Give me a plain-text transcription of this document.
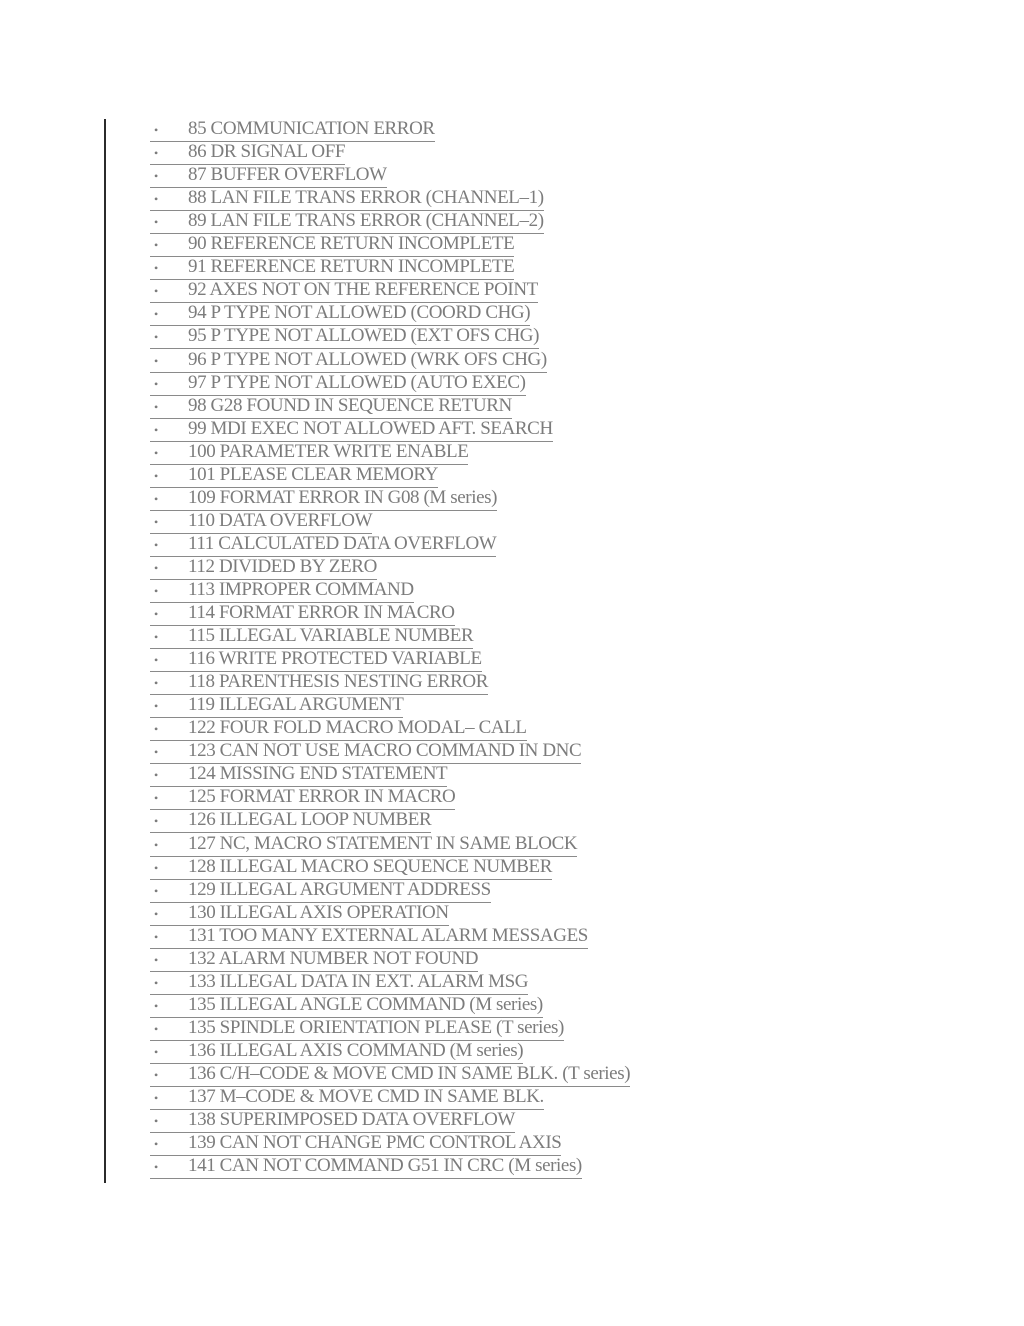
•	85 COMMUNICATION ERROR
•	86 DR SIGNAL OFF
•	87 BUFFER OVERFLOW
•	88 LAN FILE TRANS ERROR (CHANNEL–1)
•	89 LAN FILE TRANS ERROR (CHANNEL–2)
•	90 REFERENCE RETURN INCOMPLETE
•	91 REFERENCE RETURN INCOMPLETE
•	92 AXES NOT ON THE REFERENCE POINT
•	94 P TYPE NOT ALLOWED (COORD CHG)
•	95 P TYPE NOT ALLOWED (EXT OFS CHG)
•	96 P TYPE NOT ALLOWED (WRK OFS CHG)
•	97 P TYPE NOT ALLOWED (AUTO EXEC)
•	98 G28 FOUND IN SEQUENCE RETURN
•	99 MDI EXEC NOT ALLOWED AFT. SEARCH
•	100 PARAMETER WRITE ENABLE
•	101 PLEASE CLEAR MEMORY
•	109 FORMAT ERROR IN G08 (M series)
•	110 DATA OVERFLOW
•	111 CALCULATED DATA OVERFLOW
•	112 DIVIDED BY ZERO
•	113 IMPROPER COMMAND
•	114 FORMAT ERROR IN MACRO
•	115 ILLEGAL VARIABLE NUMBER
•	116 WRITE PROTECTED VARIABLE
•	118 PARENTHESIS NESTING ERROR
•	119 ILLEGAL ARGUMENT
•	122 FOUR FOLD MACRO MODAL– CALL
•	123 CAN NOT USE MACRO COMMAND IN DNC
•	124 MISSING END STATEMENT
•	125 FORMAT ERROR IN MACRO
•	126 ILLEGAL LOOP NUMBER
•	127 NC, MACRO STATEMENT IN SAME BLOCK
•	128 ILLEGAL MACRO SEQUENCE NUMBER
•	129 ILLEGAL ARGUMENT ADDRESS
•	130 ILLEGAL AXIS OPERATION
•	131 TOO MANY EXTERNAL ALARM MESSAGES
•	132 ALARM NUMBER NOT FOUND
•	133 ILLEGAL DATA IN EXT. ALARM MSG
•	135 ILLEGAL ANGLE COMMAND (M series)
•	135 SPINDLE ORIENTATION PLEASE (T series)
•	136 ILLEGAL AXIS COMMAND (M series)
•	136 C/H–CODE & MOVE CMD IN SAME BLK. (T series)
•	137 M–CODE & MOVE CMD IN SAME BLK.
•	138 SUPERIMPOSED DATA OVERFLOW
•	139 CAN NOT CHANGE PMC CONTROL AXIS
•	141 CAN NOT COMMAND G51 IN CRC (M series)
